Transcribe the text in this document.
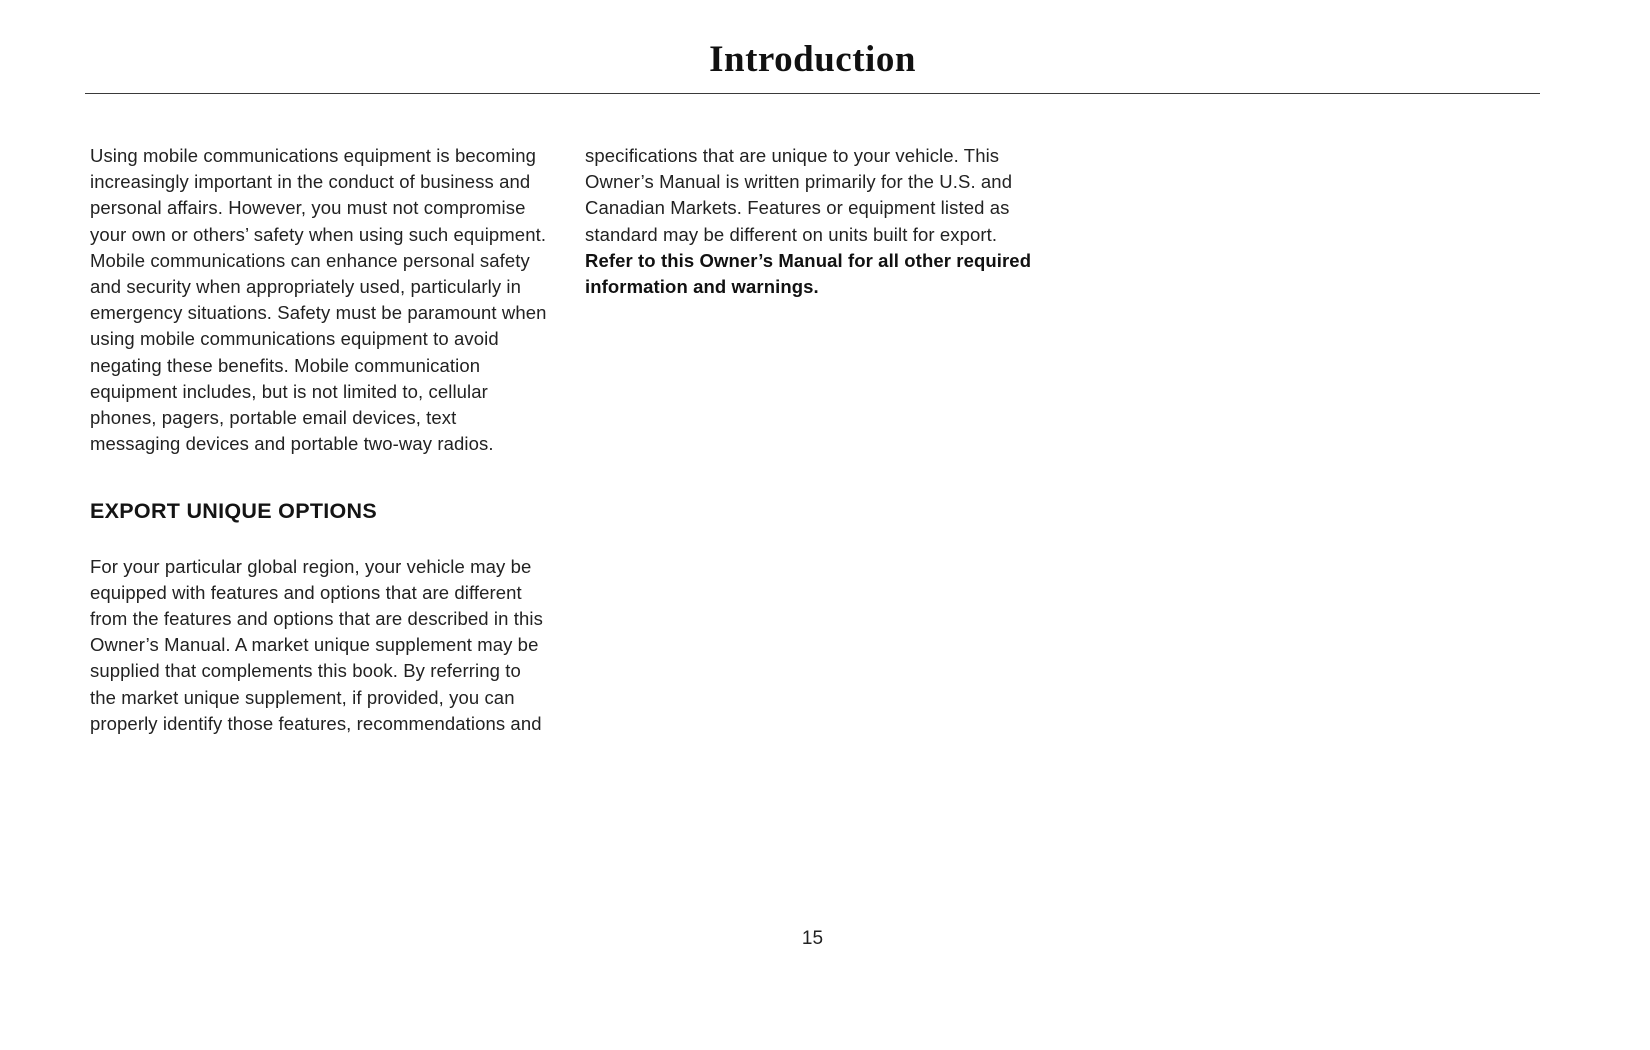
Introduction

Using mobile communications equipment is becoming increasingly important in the conduct of business and personal affairs. However, you must not compromise your own or others’ safety when using such equipment. Mobile communications can enhance personal safety and security when appropriately used, particularly in emergency situations. Safety must be paramount when using mobile communications equipment to avoid negating these benefits. Mobile communication equipment includes, but is not limited to, cellular phones, pagers, portable email devices, text messaging devices and portable two-way radios.

EXPORT UNIQUE OPTIONS

For your particular global region, your vehicle may be equipped with features and options that are different from the features and options that are described in this Owner’s Manual. A market unique supplement may be supplied that complements this book. By referring to the market unique supplement, if provided, you can properly identify those features, recommendations and

specifications that are unique to your vehicle. This Owner’s Manual is written primarily for the U.S. and Canadian Markets. Features or equipment listed as standard may be different on units built for export. Refer to this Owner’s Manual for all other required information and warnings.

15
